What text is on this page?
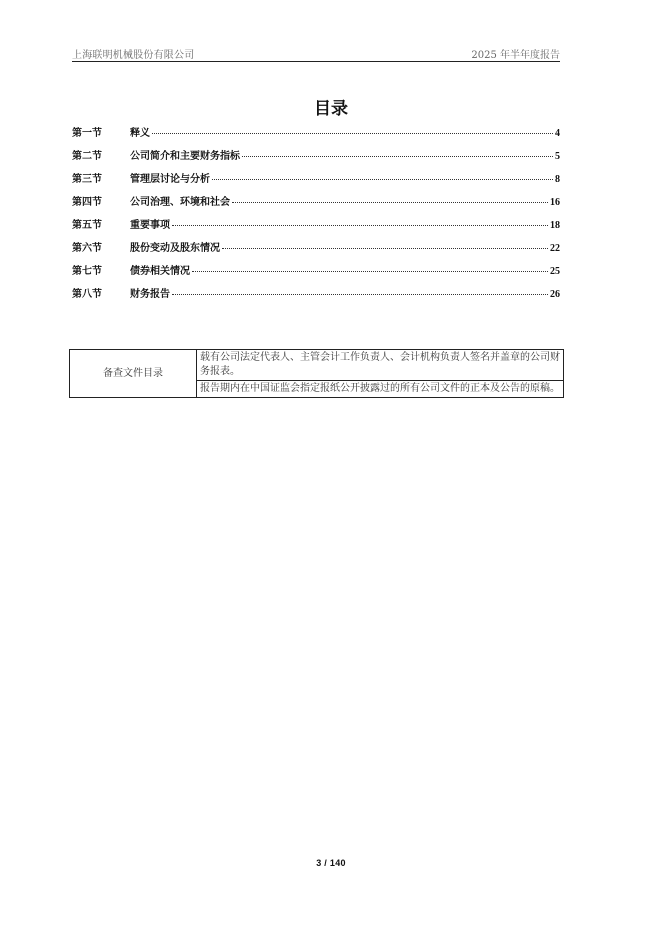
上海联明机械股份有限公司	2025 年半年度报告
目录
第一节	释义	4
第二节	公司简介和主要财务指标	5
第三节	管理层讨论与分析	8
第四节	公司治理、环境和社会	16
第五节	重要事项	18
第六节	股份变动及股东情况	22
第七节	债券相关情况	25
第八节	财务报告	26
备查文件目录	载有公司法定代表人、主管会计工作负责人、会计机构负责人签名并盖章的公司财务报表。
报告期内在中国证监会指定报纸公开披露过的所有公司文件的正本及公告的原稿。
3 / 140
